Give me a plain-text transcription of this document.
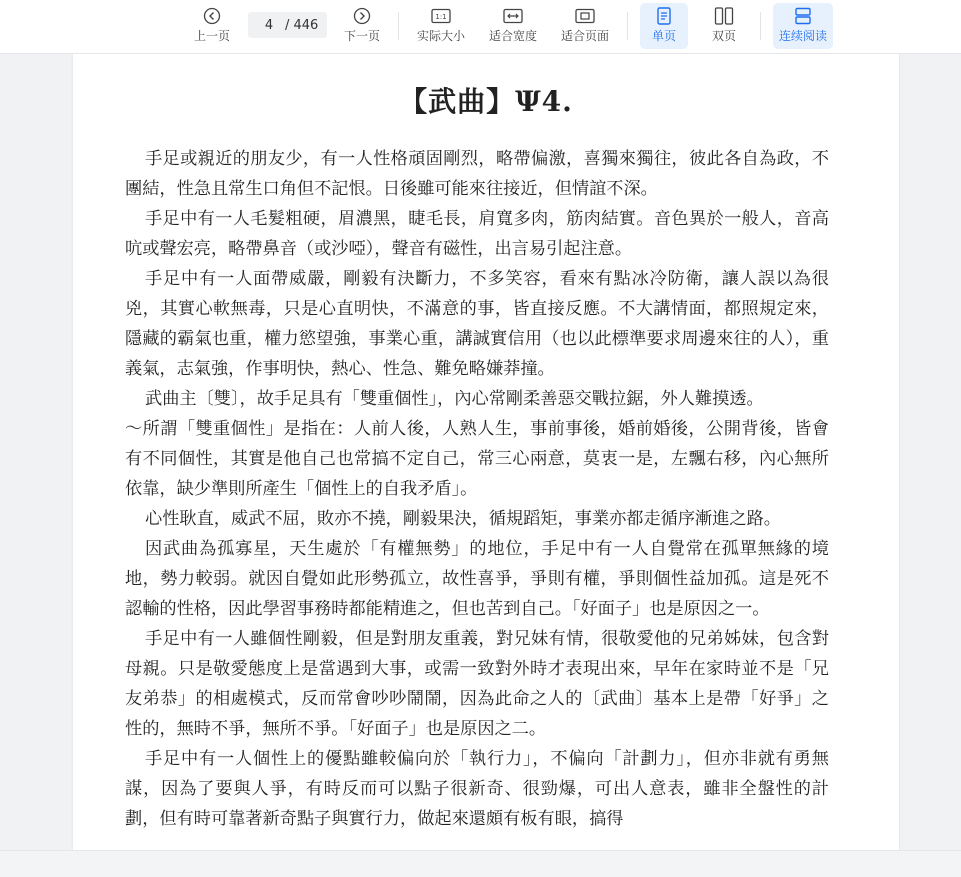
上一页
4
/ 446
下一页
1:1
实际大小 适合宽度 适合页面	单页	双页	连续阅读
【武曲】Ψ4.

手足或親近的朋友少，有一人性格頑固剛烈，略帶偏激，喜獨來獨往，彼此各自為政，不團結，性急且常生口角但不記恨。日後雖可能來往接近，但情誼不深。

手足中有一人毛髮粗硬，眉濃黑，睫毛長，肩寬多肉，筋肉結實。音色異於一般人，音高吭或聲宏亮，略帶鼻音（或沙啞），聲音有磁性，出言易引起注意。

手足中有一人面帶威嚴，剛毅有決斷力，不多笑容，看來有點冰冷防衛，讓人誤以為很兇，其實心軟無毒，只是心直明快，不滿意的事，皆直接反應。不大講情面，都照規定來，隱藏的霸氣也重，權力慾望強，事業心重，講誠實信用（也以此標準要求周邊來往的人），重義氣，志氣強，作事明快，熱心、性急、難免略嫌莽撞。

武曲主〔雙〕，故手足具有「雙重個性」，內心常剛柔善惡交戰拉鋸，外人難摸透。

～所謂「雙重個性」是指在：人前人後，人熟人生，事前事後，婚前婚後，公開背後，皆會有不同個性，其實是他自己也常搞不定自己，常三心兩意，莫衷一是，左飄右移，內心無所依靠，缺少準則所產生「個性上的自我矛盾」。

心性耿直，威武不屈，敗亦不撓，剛毅果決，循規蹈矩，事業亦都走循序漸進之路。

因武曲為孤寡星，天生處於「有權無勢」的地位，手足中有一人自覺常在孤單無緣的境地，勢力較弱。就因自覺如此形勢孤立，故性喜爭，爭則有權，爭則個性益加孤。這是死不認輸的性格，因此學習事務時都能精進之，但也苦到自己。「好面子」也是原因之一。

手足中有一人雖個性剛毅，但是對朋友重義，對兄妹有情，很敬愛他的兄弟姊妹，包含對母親。只是敬愛態度上是當遇到大事，或需一致對外時才表現出來，早年在家時並不是「兄友弟恭」的相處模式，反而常會吵吵鬧鬧，因為此命之人的〔武曲〕基本上是帶「好爭」之性的，無時不爭，無所不爭。「好面子」也是原因之二。

手足中有一人個性上的優點雖較偏向於「執行力」，不偏向「計劃力」，但亦非就有勇無謀，因為了要與人爭，有時反而可以點子很新奇、很勁爆，可出人意表，雖非全盤性的計劃，但有時可靠著新奇點子與實行力，做起來還頗有板有眼，搞得
